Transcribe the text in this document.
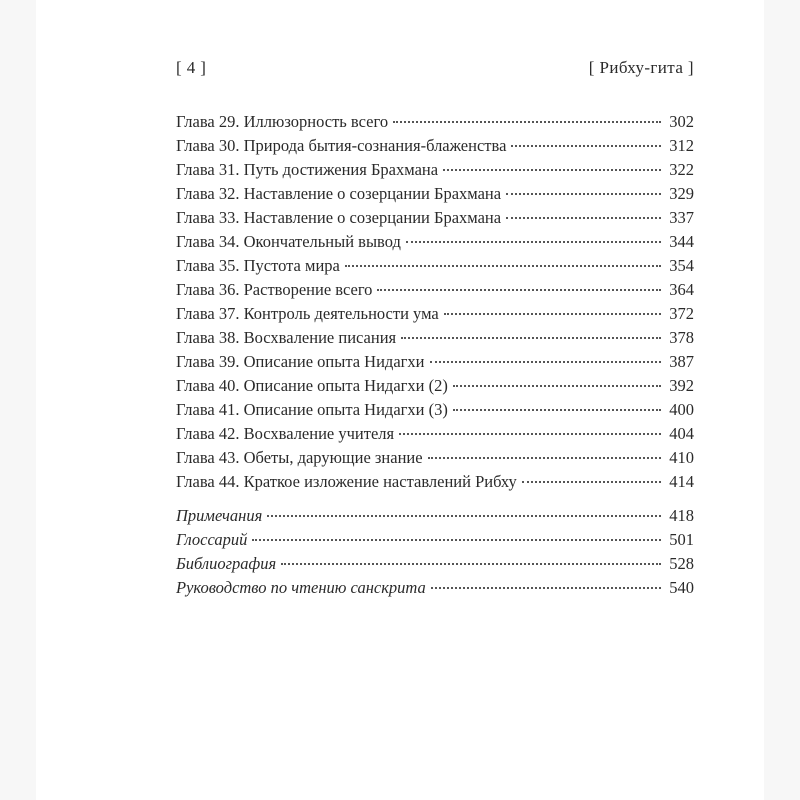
[ 4 ]	[ Рибху-гита ]
Глава 29. Иллюзорность всего	302
Глава 30. Природа бытия-сознания-блаженства	312
Глава 31. Путь достижения Брахмана	322
Глава 32. Наставление о созерцании Брахмана	329
Глава 33. Наставление о созерцании Брахмана	337
Глава 34. Окончательный вывод	344
Глава 35. Пустота мира	354
Глава 36. Растворение всего	364
Глава 37. Контроль деятельности ума	372
Глава 38. Восхваление писания	378
Глава 39. Описание опыта Нидагхи	387
Глава 40. Описание опыта Нидагхи (2)	392
Глава 41. Описание опыта Нидагхи (3)	400
Глава 42. Восхваление учителя	404
Глава 43. Обеты, дарующие знание	410
Глава 44. Краткое изложение наставлений Рибху	414
Примечания	418
Глоссарий	501
Библиография	528
Руководство по чтению санскрита	540
